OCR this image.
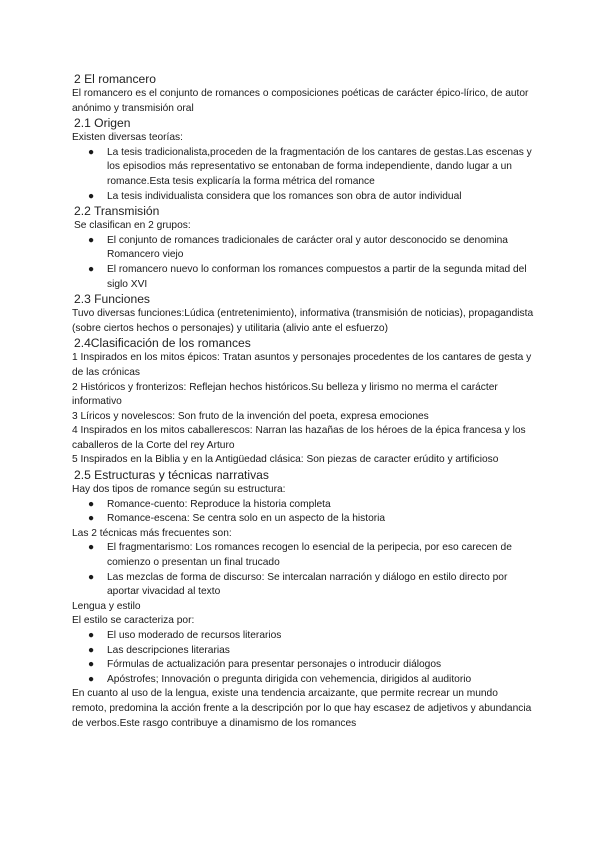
2 El romancero

El romancero es el conjunto de romances o composiciones poéticas de carácter épico-lírico, de autor anónimo y transmisión oral

2.1 Origen

Existen diversas teorías:

● La tesis tradicionalista,proceden de la fragmentación de los cantares de gestas.Las escenas y los episodios más representativo se entonaban de forma independiente, dando lugar a un romance.Esta tesis explicaría la forma métrica del romance
● La tesis individualista considera que los romances son obra de autor individual
2.2 Transmisión

Se clasifican en 2 grupos:

● El conjunto de romances tradicionales de carácter oral y autor desconocido se denomina Romancero viejo
● El romancero nuevo lo conforman los romances compuestos a partir de la segunda mitad del siglo XVI
2.3 Funciones

Tuvo diversas funciones:Lúdica (entretenimiento), informativa (transmisión de noticias), propagandista (sobre ciertos hechos o personajes) y utilitaria (alivio ante el esfuerzo)

2.4Clasificación de los romances

1 Inspirados en los mitos épicos: Tratan asuntos y personajes procedentes de los cantares de gesta y de las crónicas

2 Históricos y fronterizos: Reflejan hechos históricos.Su belleza y lirismo no merma el carácter informativo

3 Líricos y novelescos: Son fruto de la invención del poeta, expresa emociones

4 Inspirados en los mitos caballerescos: Narran las hazañas de los héroes de la épica francesa y los caballeros de la Corte del rey Arturo

5 Inspirados en la Biblia y en la Antigüedad clásica: Son piezas de caracter erúdito y artificioso

2.5 Estructuras y técnicas narrativas

Hay dos tipos de romance según su estructura:

● Romance-cuento: Reproduce la historia completa
● Romance-escena: Se centra solo en un aspecto de la historia

Las 2 técnicas más frecuentes son:

● El fragmentarismo: Los romances recogen lo esencial de la peripecia, por eso carecen de comienzo o presentan un final trucado
● Las mezclas de forma de discurso: Se intercalan narración y diálogo en estilo directo por aportar vivacidad al texto

Lengua y estilo

El estilo se caracteriza por:

● El uso moderado de recursos literarios
● Las descripciones literarias
● Fórmulas de actualización para presentar personajes o introducir diálogos
● Apóstrofes; Innovación o pregunta dirigida con vehemencia, dirigidos al auditorio

En cuanto al uso de la lengua, existe una tendencia arcaizante, que permite recrear un mundo remoto, predomina la acción frente a la descripción por lo que hay escasez de adjetivos y abundancia de verbos.Este rasgo contribuye a dinamismo de los romances
